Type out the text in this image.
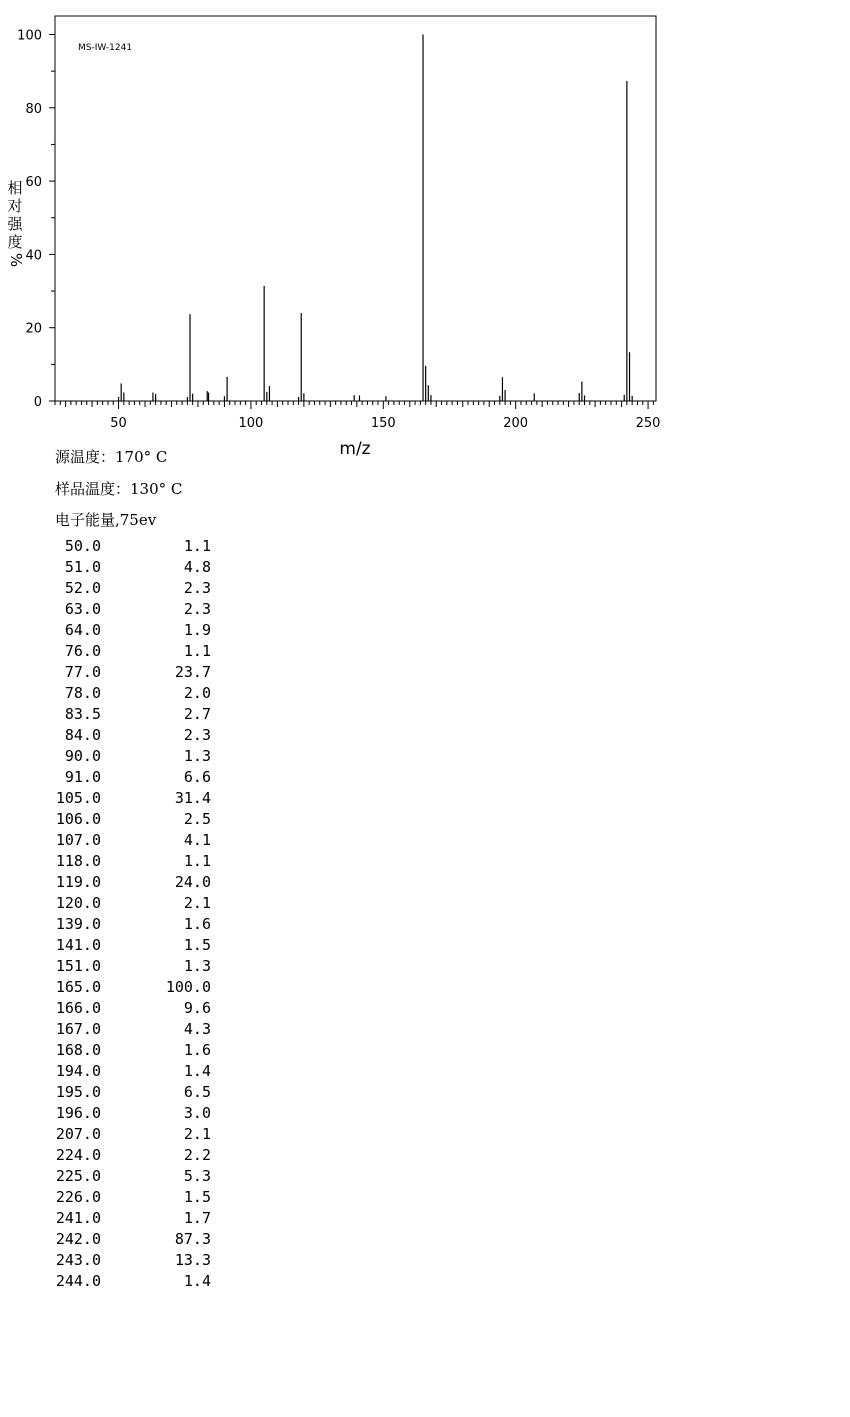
MS-IW-1241
m/z
相
对
强
度
%
0
20
40
60
80
100
50	100	150	200	250
源温度：170° C
样品温度：130° C
电子能量,75ev
50.0	1.1
51.0	4.8
52.0	2.3
63.0	2.3
64.0	1.9
76.0	1.1
77.0	23.7
78.0	2.0
83.5	2.7
84.0	2.3
90.0	1.3
91.0	6.6
105.0	31.4
106.0	2.5
107.0	4.1
118.0	1.1
119.0	24.0
120.0	2.1
139.0	1.6
141.0	1.5
151.0	1.3
165.0	100.0
166.0	9.6
167.0	4.3
168.0	1.6
194.0	1.4
195.0	6.5
196.0	3.0
207.0	2.1
224.0	2.2
225.0	5.3
226.0	1.5
241.0	1.7
242.0	87.3
243.0	13.3
244.0	1.4
